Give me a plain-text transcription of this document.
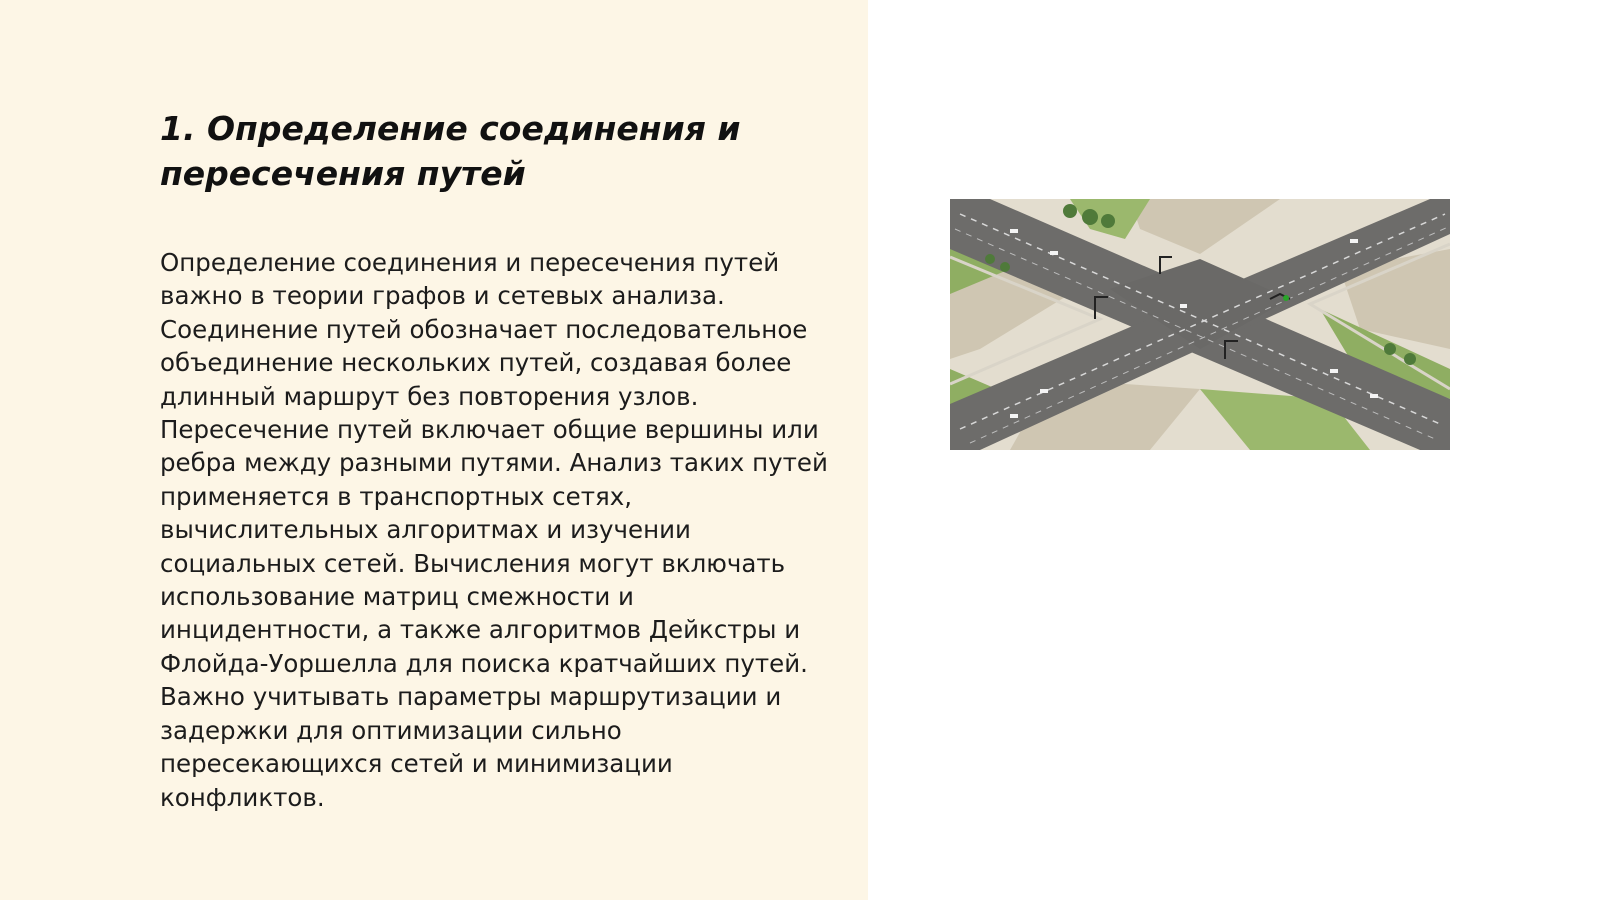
1. Определение соединения и пересечения путей

Определение соединения и пересечения путей важно в теории графов и сетевых анализа. Соединение путей обозначает последовательное объединение нескольких путей, создавая более длинный маршрут без повторения узлов. Пересечение путей включает общие вершины или ребра между разными путями. Анализ таких путей применяется в транспортных сетях, вычислительных алгоритмах и изучении социальных сетей. Вычисления могут включать использование матриц смежности и инцидентности, а также алгоритмов Дейкстры и Флойда-Уоршелла для поиска кратчайших путей. Важно учитывать параметры маршрутизации и задержки для оптимизации сильно пересекающихся сетей и минимизации конфликтов.
